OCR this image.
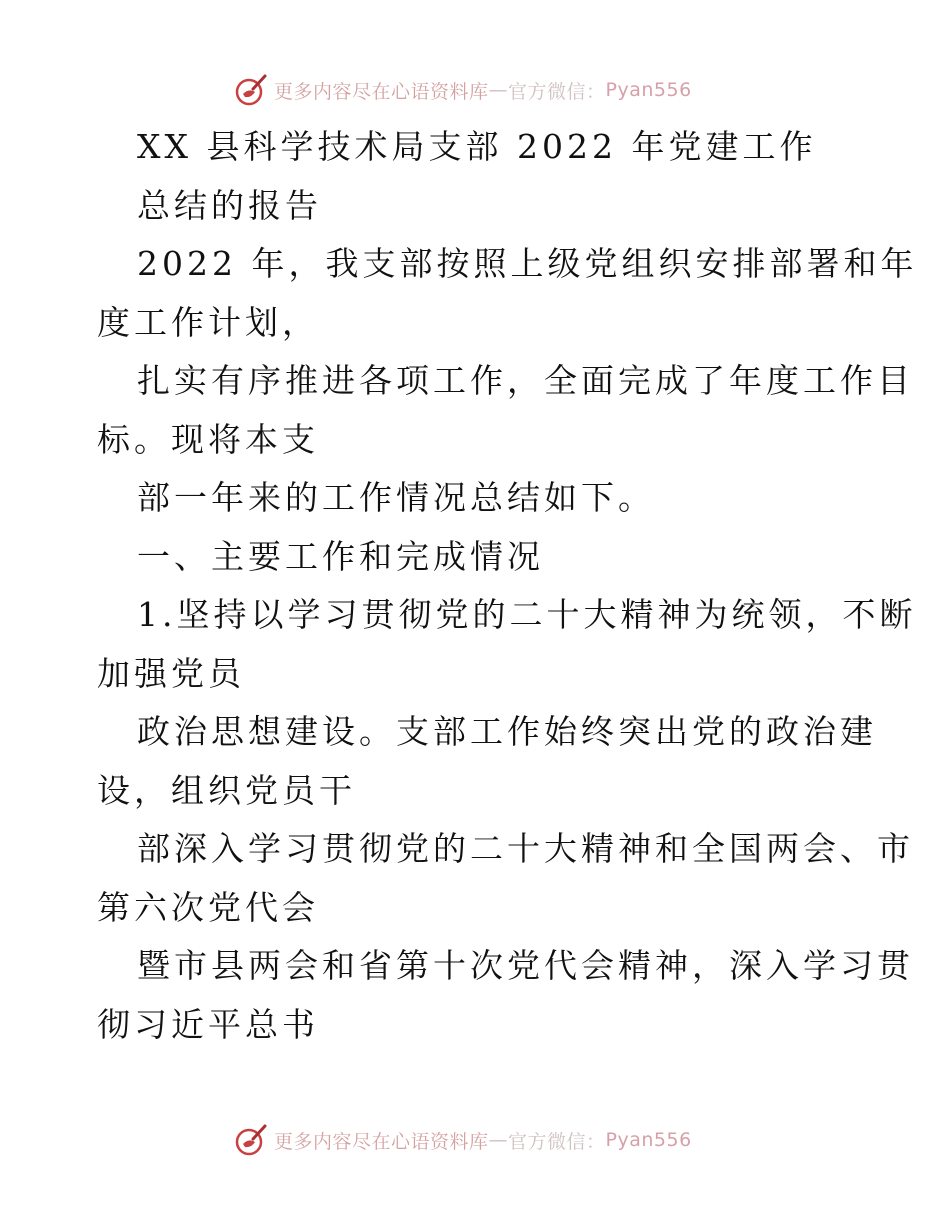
更多内容尽在心语资料库 — 官方微信： Pyan556
XX 县科学技术局支部 2022 年党建工作
总结的报告
2022 年，我支部按照上级党组织安排部署和年
度工作计划，
扎实有序推进各项工作，全面完成了年度工作目
标。现将本支
部一年来的工作情况总结如下。
一、主要工作和完成情况
1.坚持以学习贯彻党的二十大精神为统领，不断
加强党员
政治思想建设。支部工作始终突出党的政治建
设，组织党员干
部深入学习贯彻党的二十大精神和全国两会、市
第六次党代会
暨市县两会和省第十次党代会精神，深入学习贯
彻习近平总书
更多内容尽在心语资料库 — 官方微信： Pyan556
